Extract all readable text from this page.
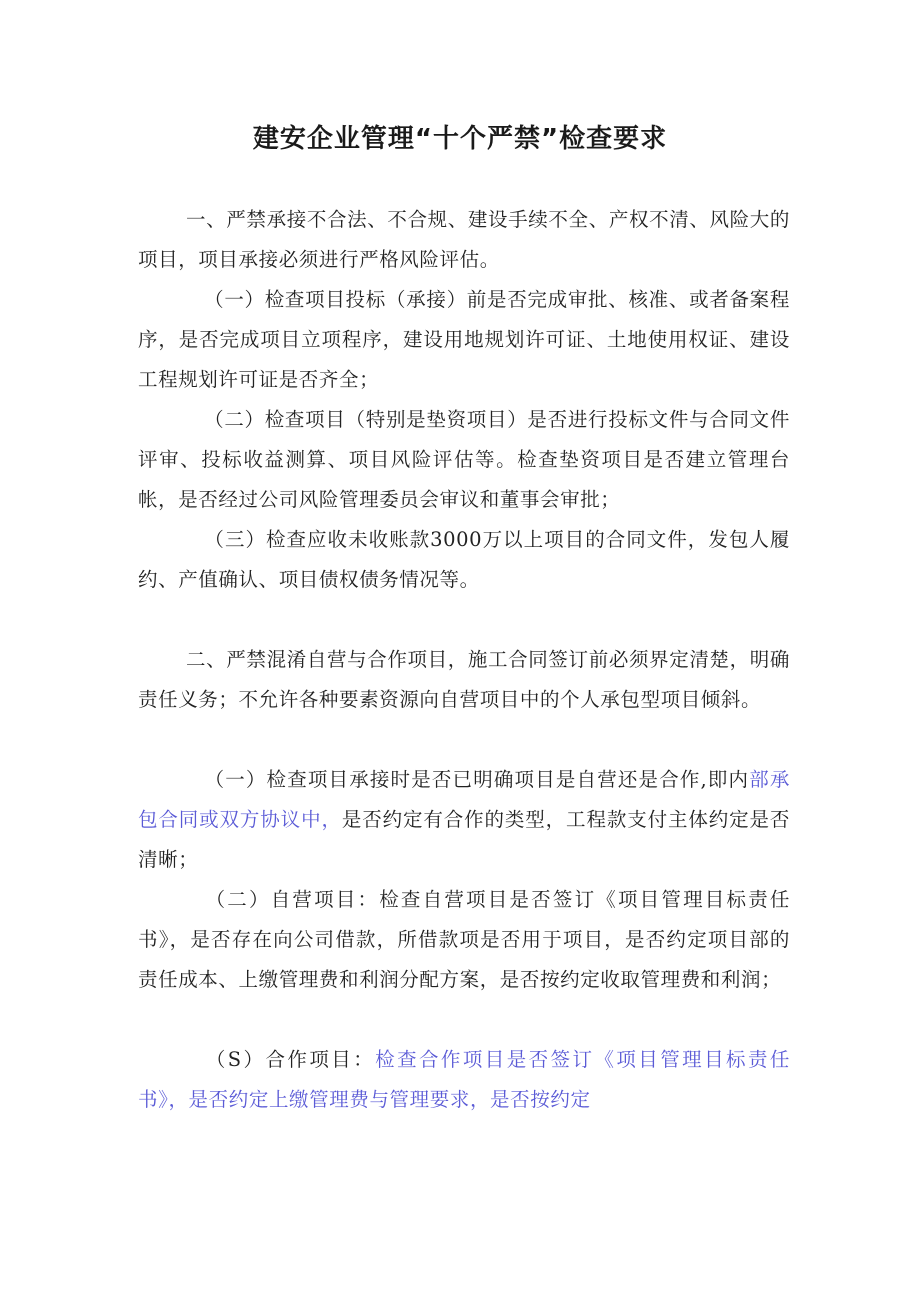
建安企业管理“十个严禁”检查要求
一、严禁承接不合法、不合规、建设手续不全、产权不清、风险大的项目，项目承接必须进行严格风险评估。
（一）检查项目投标（承接）前是否完成审批、核准、或者备案程序，是否完成项目立项程序，建设用地规划许可证、土地使用权证、建设工程规划许可证是否齐全；
（二）检查项目（特别是垫资项目）是否进行投标文件与合同文件评审、投标收益测算、项目风险评估等。检查垫资项目是否建立管理台帐，是否经过公司风险管理委员会审议和董事会审批；
（三）检查应收未收账款3000万以上项目的合同文件，发包人履约、产值确认、项目债权债务情况等。
二、严禁混淆自营与合作项目，施工合同签订前必须界定清楚，明确责任义务；不允许各种要素资源向自营项目中的个人承包型项目倾斜。
（一）检查项目承接时是否已明确项目是自营还是合作,即内部承包合同或双方协议中，是否约定有合作的类型，工程款支付主体约定是否清晰；
（二）自营项目：检查自营项目是否签订《项目管理目标责任书》，是否存在向公司借款，所借款项是否用于项目，是否约定项目部的责任成本、上缴管理费和利润分配方案，是否按约定收取管理费和利润；
（S）合作项目：检查合作项目是否签订《项目管理目标责任书》，是否约定上缴管理费与管理要求，是否按约定
